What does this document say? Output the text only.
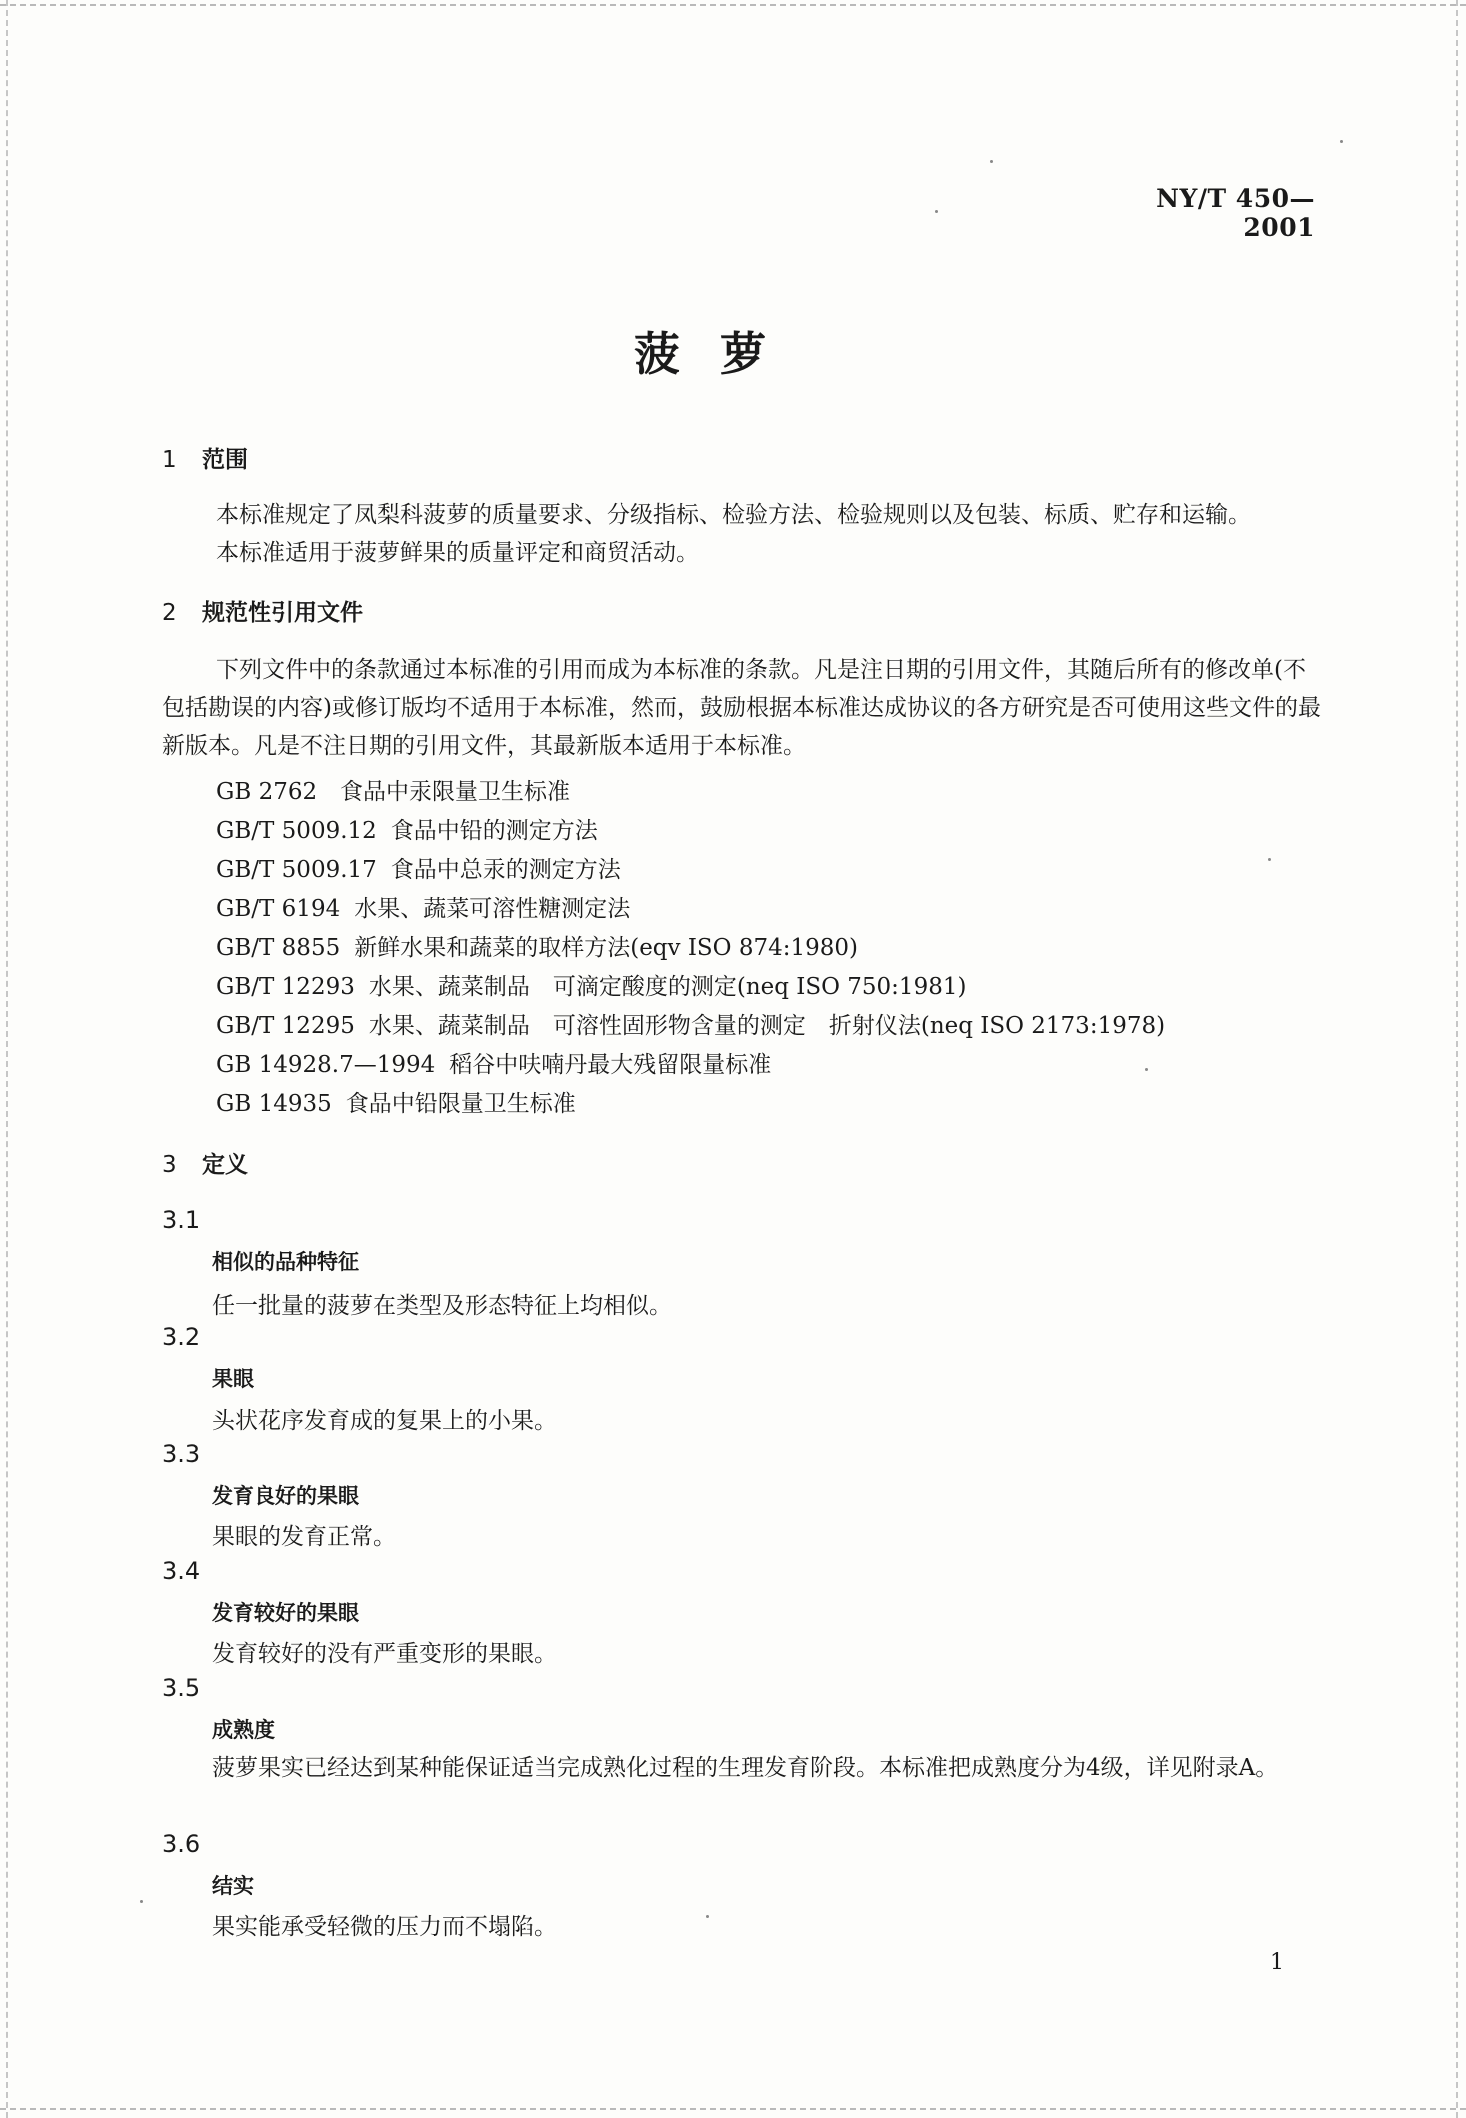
NY/T 450—2001
菠萝
1 范围
本标准规定了凤梨科菠萝的质量要求、分级指标、检验方法、检验规则以及包装、标质、贮存和运输。
本标准适用于菠萝鲜果的质量评定和商贸活动。
2 规范性引用文件
下列文件中的条款通过本标准的引用而成为本标准的条款。凡是注日期的引用文件，其随后所有的修改单(不包括勘误的内容)或修订版均不适用于本标准，然而，鼓励根据本标准达成协议的各方研究是否可使用这些文件的最新版本。凡是不注日期的引用文件，其最新版本适用于本标准。
GB 2762 食品中汞限量卫生标准
GB/T 5009.12 食品中铅的测定方法
GB/T 5009.17 食品中总汞的测定方法
GB/T 6194 水果、蔬菜可溶性糖测定法
GB/T 8855 新鲜水果和蔬菜的取样方法(eqv ISO 874:1980)
GB/T 12293 水果、蔬菜制品　可滴定酸度的测定(neq ISO 750:1981)
GB/T 12295 水果、蔬菜制品　可溶性固形物含量的测定　折射仪法(neq ISO 2173:1978)
GB 14928.7—1994 稻谷中呋喃丹最大残留限量标准
GB 14935 食品中铅限量卫生标准
3 定义
3.1
相似的品种特征
任一批量的菠萝在类型及形态特征上均相似。
3.2
果眼
头状花序发育成的复果上的小果。
3.3
发育良好的果眼
果眼的发育正常。
3.4
发育较好的果眼
发育较好的没有严重变形的果眼。
3.5
成熟度
菠萝果实已经达到某种能保证适当完成熟化过程的生理发育阶段。本标准把成熟度分为4级，详见附录A。
3.6
结实
果实能承受轻微的压力而不塌陷。
1
